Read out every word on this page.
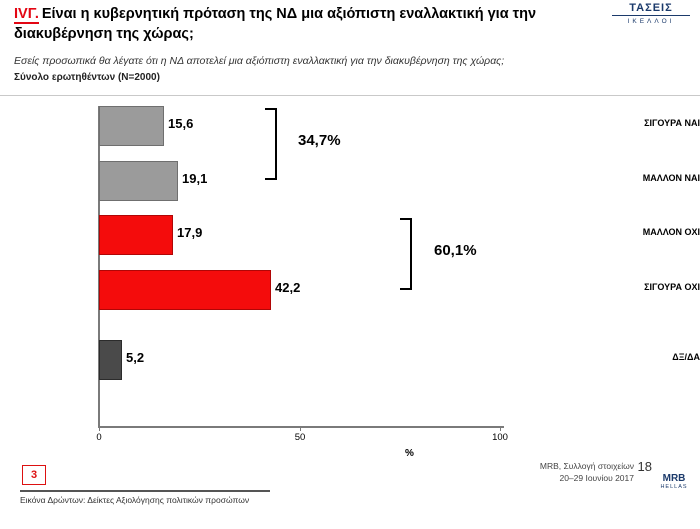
IVΓ. Είναι η κυβερνητική πρόταση της ΝΔ μια αξιόπιστη εναλλακτική για την
διακυβέρνηση της χώρας;
ΤΑΣΕΙΣ
ΙΚΕΛΛΟΙ
Εσείς προσωπικά θα λέγατε ότι η ΝΔ αποτελεί μια αξιόπιστη εναλλακτική για την διακυβέρνηση της χώρας;
Σύνολο ερωτηθέντων (N=2000)
0	50	100
%
ΣΙΓΟΥΡΑ ΝΑΙ
15,6
ΜΑΛΛΟΝ ΝΑΙ
19,1
ΜΑΛΛΟΝ ΟΧΙ
17,9
ΣΙΓΟΥΡΑ ΟΧΙ
42,2
ΔΞ/ΔΑ
5,2
34,7%
60,1%
3
Εικόνα Δρώντων: Δείκτες Αξιολόγησης πολιτικών προσώπων
MRB, Συλλογή στοιχείων
20–29 Ιουνίου 2017
18
MRB
HELLAS
